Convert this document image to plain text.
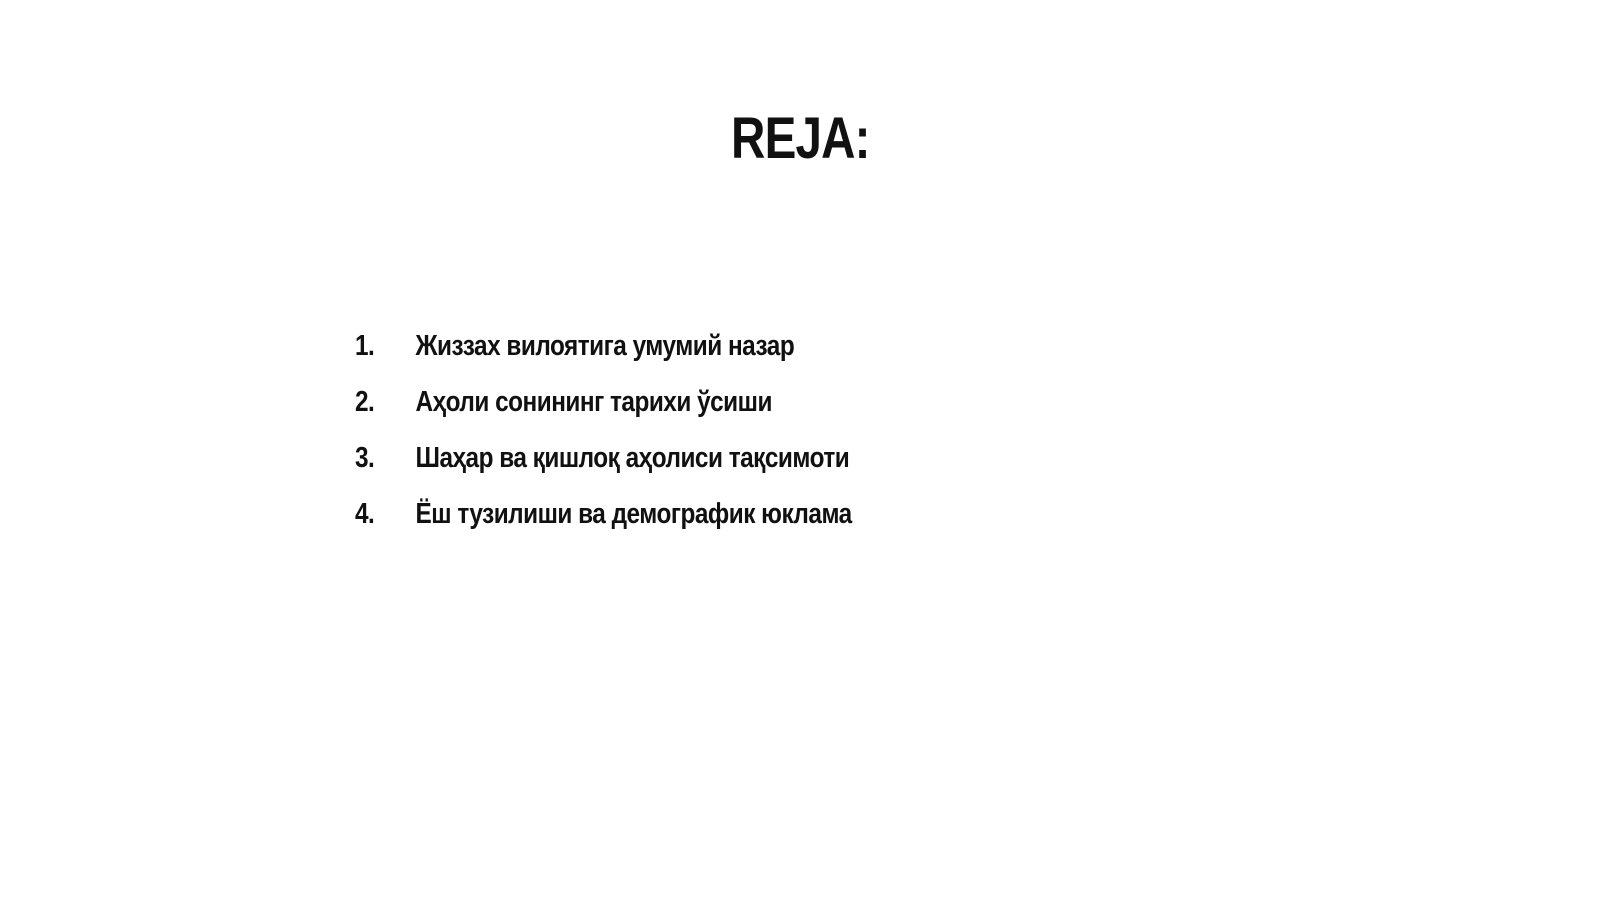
REJA:
1.	Жиззах вилоятига умумий назар
2.	Аҳоли сонининг тарихи ўсиши
3.	Шаҳар ва қишлоқ аҳолиси тақсимоти
4.	Ёш тузилиши ва демографик юклама
